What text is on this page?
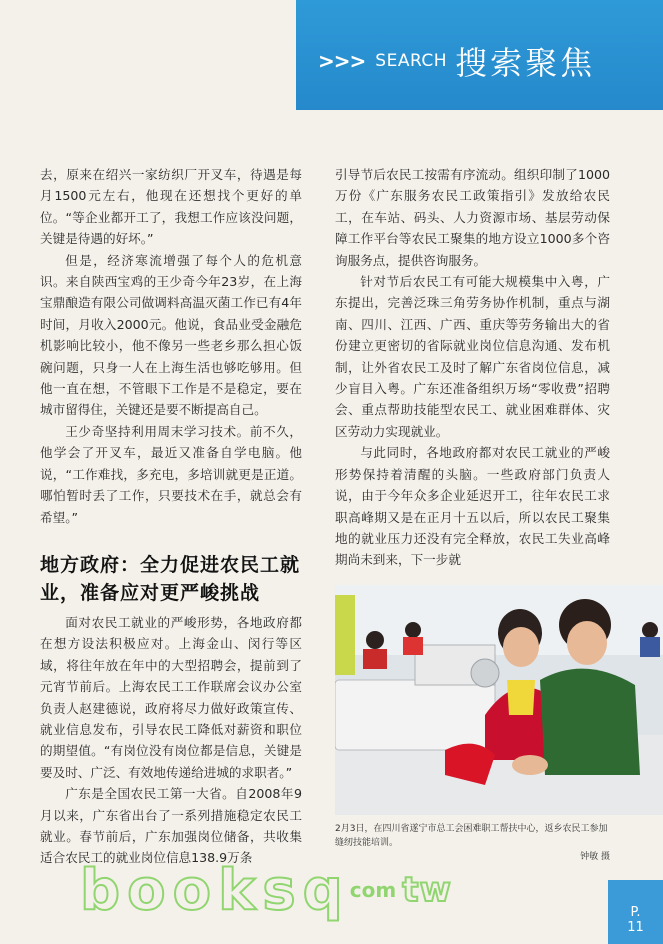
>>> SEARCH 搜索聚焦

去，原来在绍兴一家纺织厂开叉车，待遇是每月1500元左右，他现在还想找个更好的单位。“等企业都开工了，我想工作应该没问题，关键是待遇的好坏。”

但是，经济寒流增强了每个人的危机意识。来自陕西宝鸡的王少奇今年23岁，在上海宝鼎酿造有限公司做调料高温灭菌工作已有4年时间，月收入2000元。他说，食品业受金融危机影响比较小，他不像另一些老乡那么担心饭碗问题，只身一人在上海生活也够吃够用。但他一直在想，不管眼下工作是不是稳定，要在城市留得住，关键还是要不断提高自己。

王少奇坚持利用周末学习技术。前不久，他学会了开叉车，最近又准备自学电脑。他说，“工作难找，多充电，多培训就更是正道。哪怕暂时丢了工作，只要技术在手，就总会有希望。”

地方政府：全力促进农民工就业，准备应对更严峻挑战

面对农民工就业的严峻形势，各地政府都在想方设法积极应对。上海金山、闵行等区域，将往年放在年中的大型招聘会，提前到了元宵节前后。上海农民工工作联席会议办公室负责人赵建德说，政府将尽力做好政策宣传、就业信息发布，引导农民工降低对薪资和职位的期望值。“有岗位没有岗位都是信息，关键是要及时、广泛、有效地传递给进城的求职者。”

广东是全国农民工第一大省。自2008年9月以来，广东省出台了一系列措施稳定农民工就业。春节前后，广东加强岗位储备，共收集适合农民工的就业岗位信息138.9万条

引导节后农民工按需有序流动。组织印制了1000万份《广东服务农民工政策指引》发放给农民工，在车站、码头、人力资源市场、基层劳动保障工作平台等农民工聚集的地方设立1000多个咨询服务点，提供咨询服务。

针对节后农民工有可能大规模集中入粤，广东提出，完善泛珠三角劳务协作机制，重点与湖南、四川、江西、广西、重庆等劳务输出大的省份建立更密切的省际就业岗位信息沟通、发布机制，让外省农民工及时了解广东省岗位信息，减少盲目入粤。广东还准备组织万场“零收费”招聘会、重点帮助技能型农民工、就业困难群体、灾区劳动力实现就业。

与此同时，各地政府都对农民工就业的严峻形势保持着清醒的头脑。一些政府部门负责人说，由于今年众多企业延迟开工，往年农民工求职高峰期又是在正月十五以后，所以农民工聚集地的就业压力还没有完全释放，农民工失业高峰期尚未到来，下一步就

2月3日，在四川省遂宁市总工会困难职工帮扶中心，返乡农民工参加缝纫技能培训。
钟敏 摄
b o o k s q com tw
P.
11
